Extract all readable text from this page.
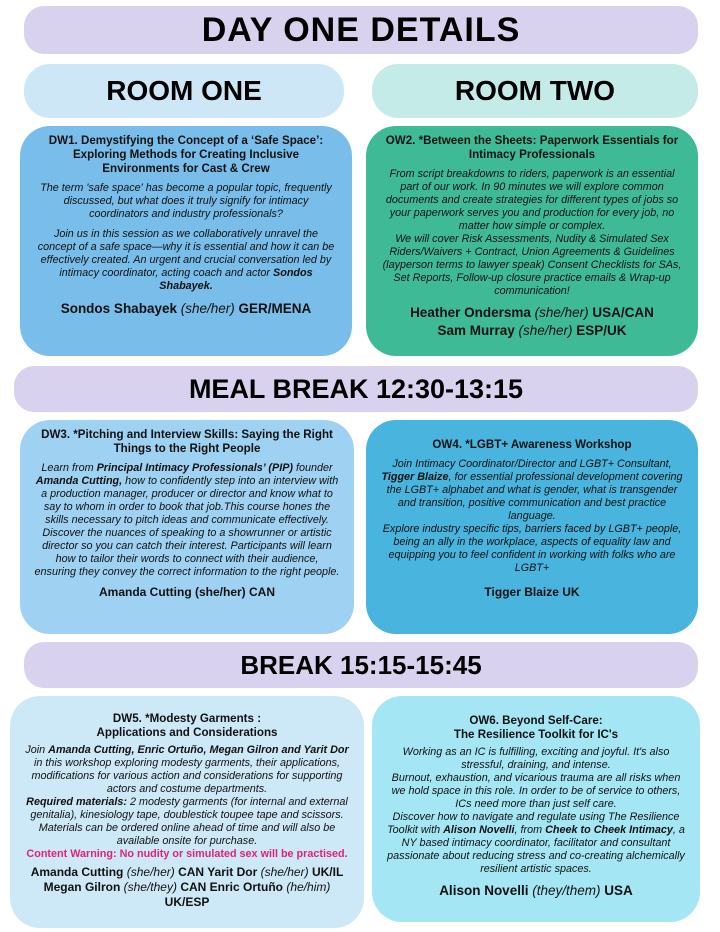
DAY ONE DETAILS
ROOM ONE	ROOM TWO
DW1. Demystifying the Concept of a ‘Safe Space’: Exploring Methods for Creating Inclusive Environments for Cast & Crew

The term 'safe space' has become a popular topic, frequently discussed, but what does it truly signify for intimacy coordinators and industry professionals?

Join us in this session as we collaboratively unravel the concept of a safe space—why it is essential and how it can be effectively created. An urgent and crucial conversation led by intimacy coordinator, acting coach and actor Sondos Shabayek.

Sondos Shabayek (she/her) GER/MENA
OW2. *Between the Sheets: Paperwork Essentials for Intimacy Professionals
From script breakdowns to riders, paperwork is an essential part of our work. In 90 minutes we will explore common documents and create strategies for different types of jobs so your paperwork serves you and production for every job, no matter how simple or complex.
We will cover Risk Assessments, Nudity & Simulated Sex Riders/Waivers + Contract, Union Agreements & Guidelines (layperson terms to lawyer speak) Consent Checklists for SAs, Set Reports, Follow-up closure practice emails & Wrap-up communication!
Heather Ondersma (she/her) USA/CAN
Sam Murray (she/her) ESP/UK
MEAL BREAK 12:30-13:15
DW3. *Pitching and Interview Skills: Saying the Right Things to the Right People
Learn from Principal Intimacy Professionals’ (PIP) founder Amanda Cutting, how to confidently step into an interview with a production manager, producer or director and know what to say to whom in order to book that job.This course hones the skills necessary to pitch ideas and communicate effectively. Discover the nuances of speaking to a showrunner or artistic director so you can catch their interest. Participants will learn how to tailor their words to connect with their audience, ensuring they convey the correct information to the right people.
Amanda Cutting (she/her) CAN
OW4. *LGBT+ Awareness Workshop
Join Intimacy Coordinator/Director and LGBT+ Consultant, Tigger Blaize, for essential professional development covering the LGBT+ alphabet and what is gender, what is transgender and transition, positive communication and best practice language.
Explore industry specific tips, barriers faced by LGBT+ people, being an ally in the workplace, aspects of equality law and equipping you to feel confident in working with folks who are LGBT+
Tigger Blaize UK
BREAK 15:15-15:45
DW5. *Modesty Garments :
Applications and Considerations
Join Amanda Cutting, Enric Ortuño, Megan Gilron and Yarit Dor in this workshop exploring modesty garments, their applications, modifications for various action and considerations for supporting actors and costume departments.
Required materials: 2 modesty garments (for internal and external genitalia), kinesiology tape, doublestick toupee tape and scissors. Materials can be ordered online ahead of time and will also be available onsite for purchase.
Content Warning: No nudity or simulated sex will be practised.
Amanda Cutting (she/her) CAN Yarit Dor (she/her) UK/IL
Megan Gilron (she/they) CAN Enric Ortuño (he/him) UK/ESP
OW6. Beyond Self-Care:
The Resilience Toolkit for IC's
Working as an IC is fulfilling, exciting and joyful. It's also stressful, draining, and intense.
Burnout, exhaustion, and vicarious trauma are all risks when we hold space in this role. In order to be of service to others, ICs need more than just self care.
Discover how to navigate and regulate using The Resilience Toolkit with Alison Novelli, from Cheek to Cheek Intimacy, a NY based intimacy coordinator, facilitator and consultant passionate about reducing stress and co-creating alchemically resilient artistic spaces.
Alison Novelli (they/them) USA
